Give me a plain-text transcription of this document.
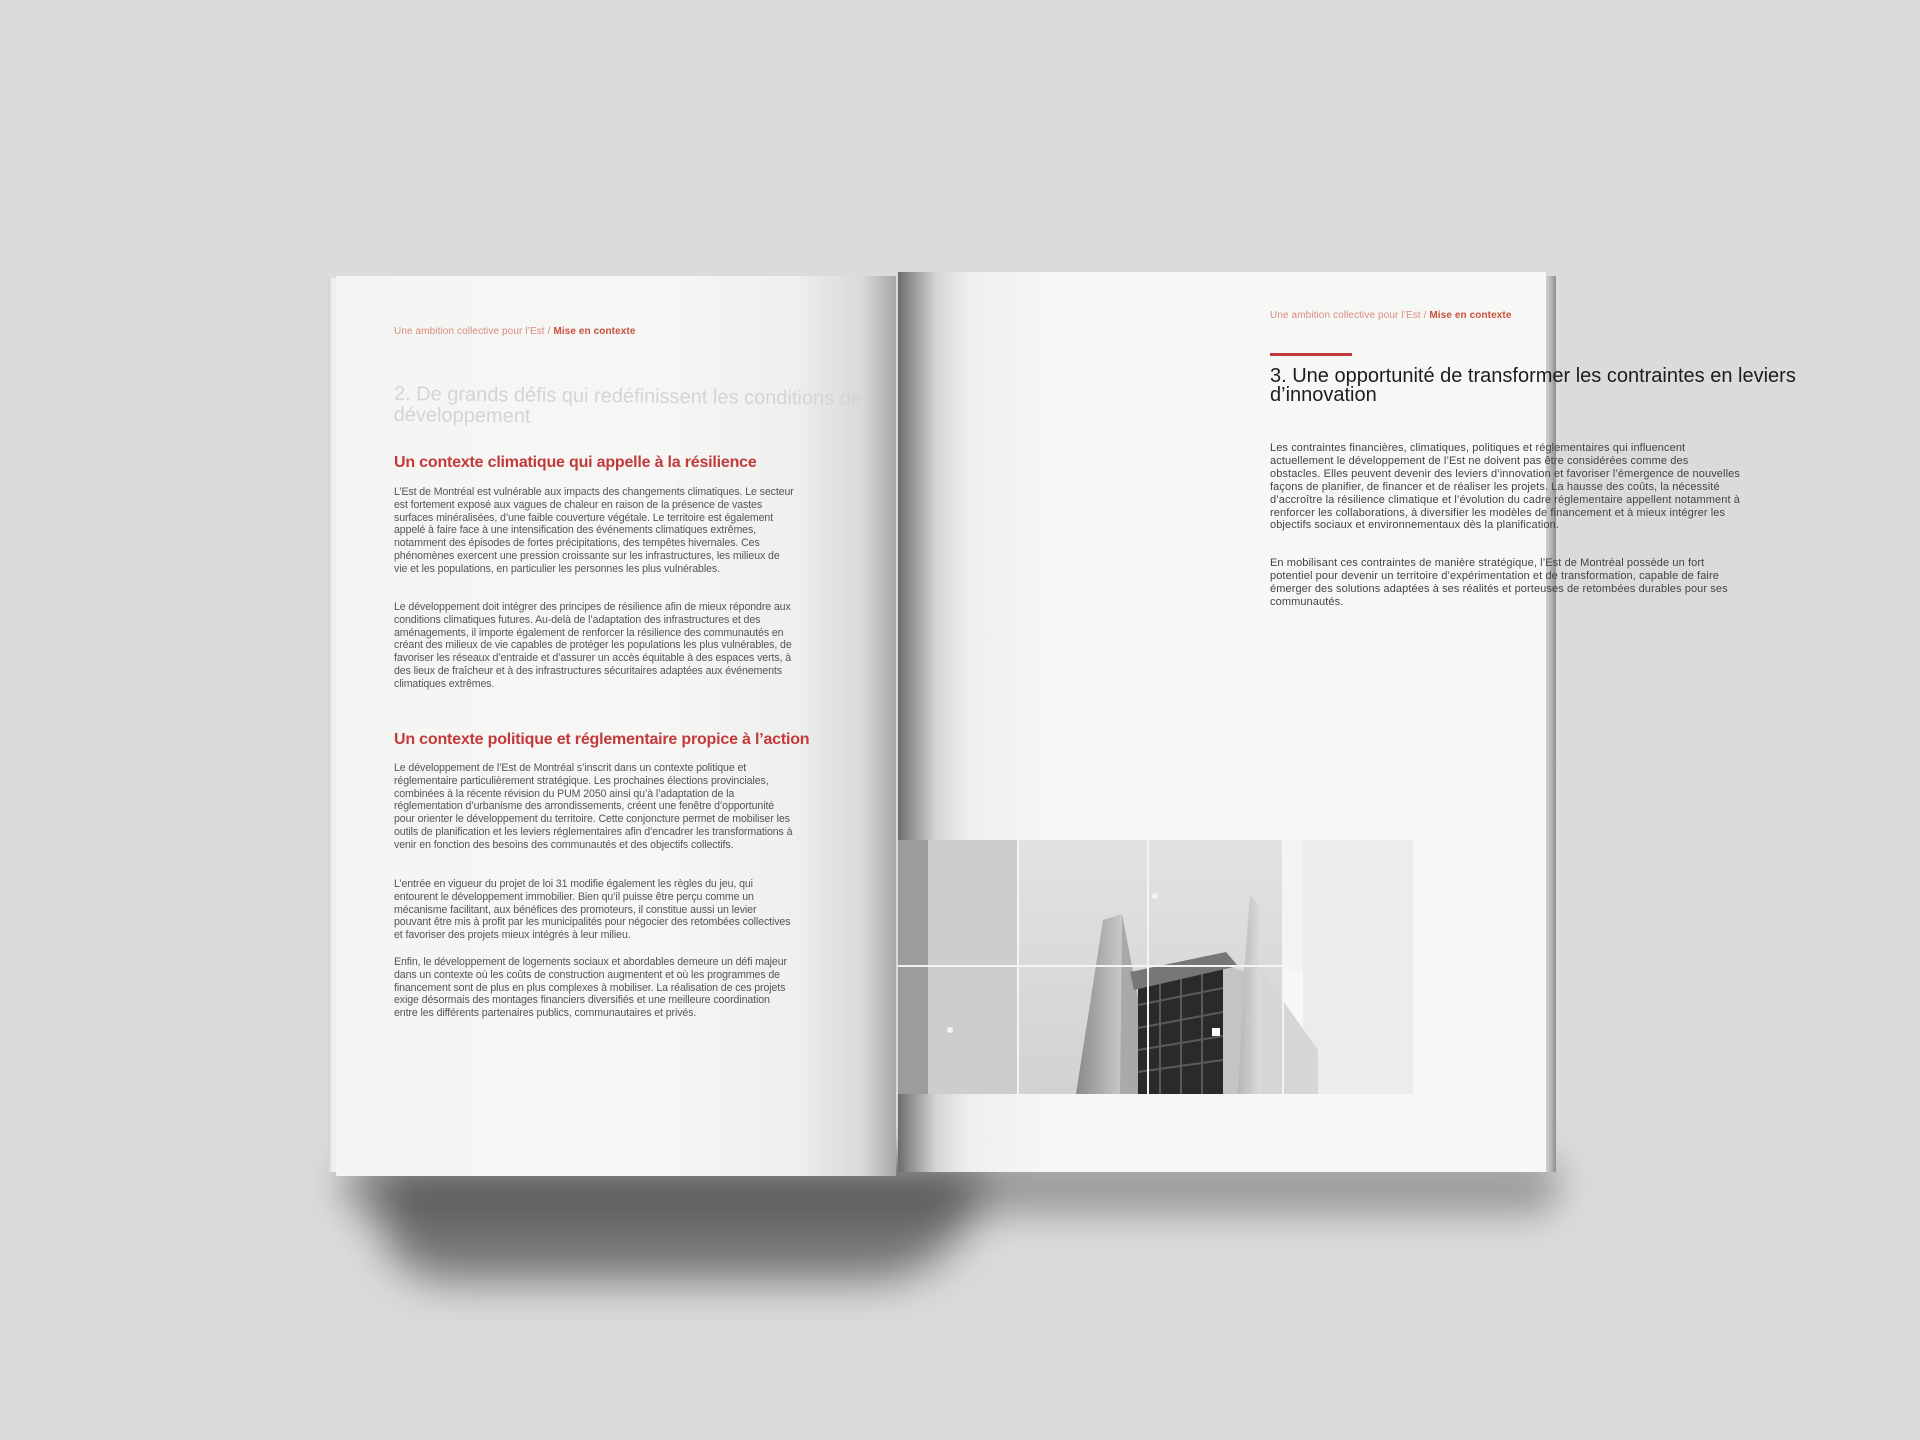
Une ambition collective pour l’Est / Mise en contexte
2. De grands défis qui redéfinissent les conditions de développement
Un contexte climatique qui appelle à la résilience
L’Est de Montréal est vulnérable aux impacts des changements climatiques. Le secteur est fortement exposé aux vagues de chaleur en raison de la présence de vastes surfaces minéralisées, d’une faible couverture végétale. Le territoire est également appelé à faire face à une intensification des événements climatiques extrêmes, notamment des épisodes de fortes précipitations, des tempêtes hivernales. Ces phénomènes exercent une pression croissante sur les infrastructures, les milieux de vie et les populations, en particulier les personnes les plus vulnérables.
Le développement doit intégrer des principes de résilience afin de mieux répondre aux conditions climatiques futures. Au-delà de l’adaptation des infrastructures et des aménagements, il importe également de renforcer la résilience des communautés en créant des milieux de vie capables de protéger les populations les plus vulnérables, de favoriser les réseaux d’entraide et d’assurer un accès équitable à des espaces verts, à des lieux de fraîcheur et à des infrastructures sécuritaires adaptées aux événements climatiques extrêmes.
Un contexte politique et réglementaire propice à l’action
Le développement de l’Est de Montréal s’inscrit dans un contexte politique et réglementaire particulièrement stratégique. Les prochaines élections provinciales, combinées à la récente révision du PUM 2050 ainsi qu’à l’adaptation de la réglementation d’urbanisme des arrondissements, créent une fenêtre d’opportunité pour orienter le développement du territoire. Cette conjoncture permet de mobiliser les outils de planification et les leviers réglementaires afin d’encadrer les transformations à venir en fonction des besoins des communautés et des objectifs collectifs.
L’entrée en vigueur du projet de loi 31 modifie également les règles du jeu, qui entourent le développement immobilier. Bien qu’il puisse être perçu comme un mécanisme facilitant, aux bénéfices des promoteurs, il constitue aussi un levier pouvant être mis à profit par les municipalités pour négocier des retombées collectives et favoriser des projets mieux intégrés à leur milieu.
Enfin, le développement de logements sociaux et abordables demeure un défi majeur dans un contexte où les coûts de construction augmentent et où les programmes de financement sont de plus en plus complexes à mobiliser. La réalisation de ces projets exige désormais des montages financiers diversifiés et une meilleure coordination entre les différents partenaires publics, communautaires et privés.
Une ambition collective pour l’Est / Mise en contexte
3. Une opportunité de transformer les contraintes en leviers d’innovation
Les contraintes financières, climatiques, politiques et réglementaires qui influencent actuellement le développement de l’Est ne doivent pas être considérées comme des obstacles. Elles peuvent devenir des leviers d’innovation et favoriser l’émergence de nouvelles façons de planifier, de financer et de réaliser les projets. La hausse des coûts, la nécessité d’accroître la résilience climatique et l’évolution du cadre réglementaire appellent notamment à renforcer les collaborations, à diversifier les modèles de financement et à mieux intégrer les objectifs sociaux et environnementaux dès la planification.
En mobilisant ces contraintes de manière stratégique, l’Est de Montréal possède un fort potentiel pour devenir un territoire d’expérimentation et de transformation, capable de faire émerger des solutions adaptées à ses réalités et porteuses de retombées durables pour ses communautés.
